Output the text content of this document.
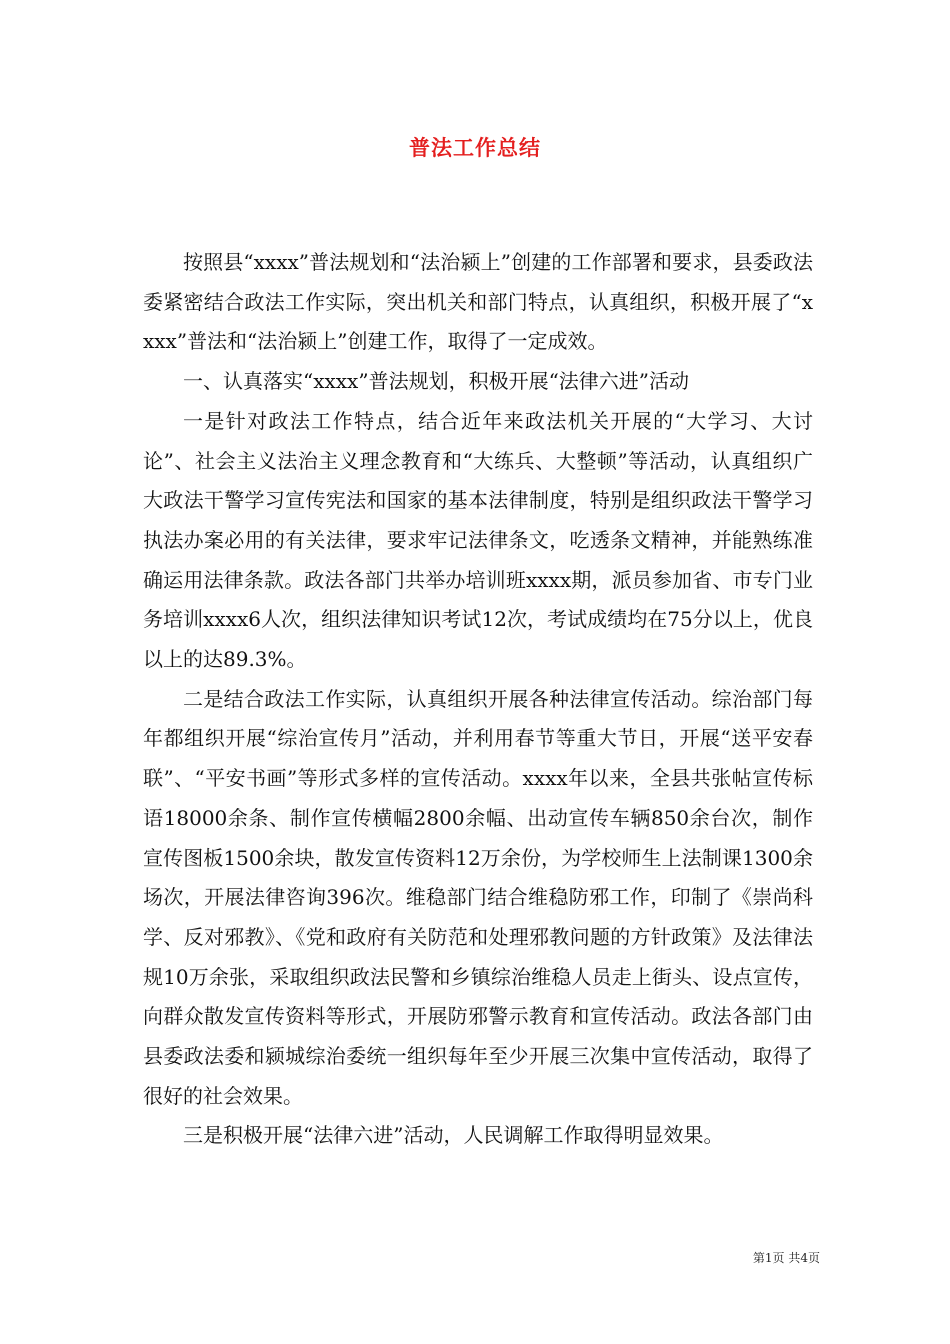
普法工作总结

按照县“xxxx”普法规划和“法治颍上”创建的工作部署和要求，县委政法委紧密结合政法工作实际，突出机关和部门特点，认真组织，积极开展了“xxxx”普法和“法治颍上”创建工作，取得了一定成效。

一、认真落实“xxxx”普法规划，积极开展“法律六进”活动

一是针对政法工作特点，结合近年来政法机关开展的“大学习、大讨论”、社会主义法治主义理念教育和“大练兵、大整顿”等活动，认真组织广大政法干警学习宣传宪法和国家的基本法律制度，特别是组织政法干警学习执法办案必用的有关法律，要求牢记法律条文，吃透条文精神，并能熟练准确运用法律条款。政法各部门共举办培训班xxxx期，派员参加省、市专门业务培训xxxx6人次，组织法律知识考试12次，考试成绩均在75分以上，优良以上的达89.3%。

二是结合政法工作实际，认真组织开展各种法律宣传活动。综治部门每年都组织开展“综治宣传月”活动，并利用春节等重大节日，开展“送平安春联”、“平安书画”等形式多样的宣传活动。xxxx年以来，全县共张帖宣传标语18000余条、制作宣传横幅2800余幅、出动宣传车辆850余台次，制作宣传图板1500余块，散发宣传资料12万余份，为学校师生上法制课1300余场次，开展法律咨询396次。维稳部门结合维稳防邪工作，印制了《崇尚科学、反对邪教》、《党和政府有关防范和处理邪教问题的方针政策》及法律法规10万余张，采取组织政法民警和乡镇综治维稳人员走上街头、设点宣传，向群众散发宣传资料等形式，开展防邪警示教育和宣传活动。政法各部门由县委政法委和颍城综治委统一组织每年至少开展三次集中宣传活动，取得了很好的社会效果。

三是积极开展“法律六进”活动，人民调解工作取得明显效果。

第1页 共4页
